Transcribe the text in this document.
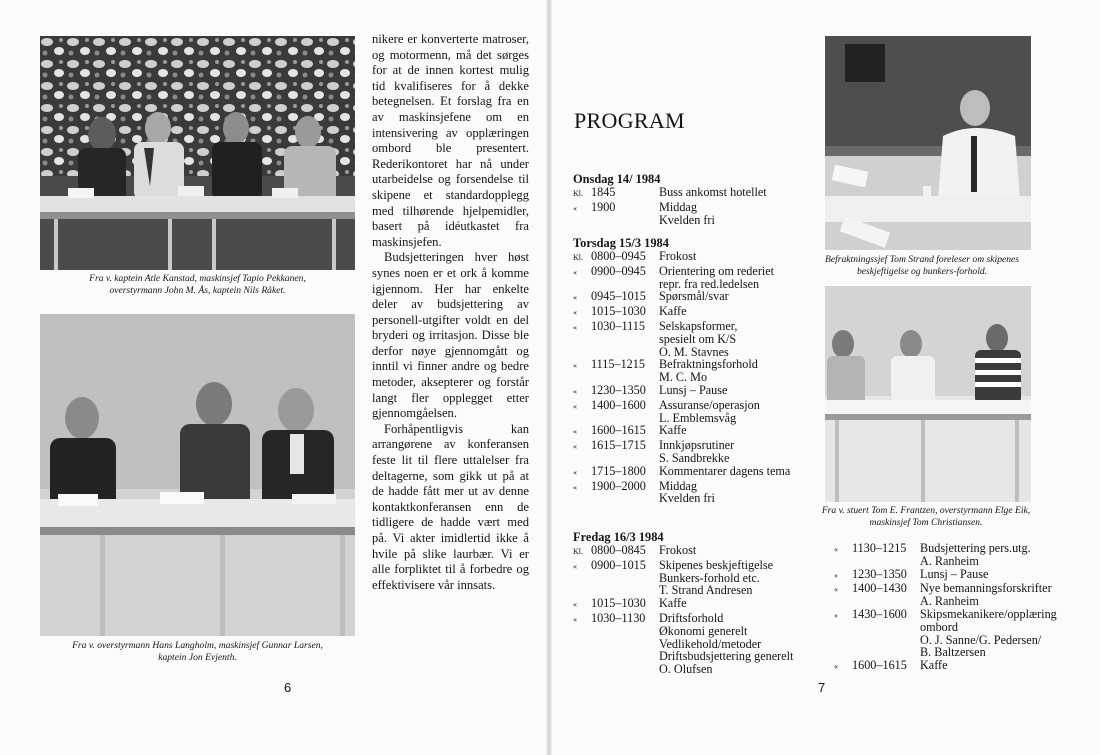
Fra v. kaptein Atle Kanstad, maskinsjef Tapio Pekkanen,
overstyrmann John M. Ås, kaptein Nils Råket.
Fra v. overstyrmann Hans Langholm, maskinsjef Gunnar Larsen,
kaptein Jon Evjenth.

nikere er konverterte matroser, og motormenn, må det sørges for at de innen kortest mulig tid kvalifiseres for å dekke betegnelsen. Et forslag fra en av maskinsjefene om en intensivering av opplæringen ombord ble presentert. Rederikontoret har nå under utarbeidelse og forsendelse til skipene et standardopplegg med tilhørende hjelpemidler, basert på idéutkastet fra maskinsjefen.

Budsjetteringen hver høst synes noen er et ork å komme igjennom. Her har enkelte deler av budsjettering av personell-utgifter voldt en del bryderi og irritasjon. Disse ble derfor nøye gjennomgått og inntil vi finner andre og bedre metoder, aksepterer og forstår langt fler opplegget etter gjennomgåelsen.

Forhåpentligvis kan arrangørene av konferansen feste lit til flere uttalelser fra deltagerne, som gikk ut på at de hadde fått mer ut av denne kontaktkonferansen enn de tidligere de hadde vært med på. Vi akter imidlertid ikke å hvile på slike laurbær. Vi er alle forpliktet til å forbedre og effektivisere vår innsats.

6
PROGRAM
Befraktningssjef Tom Strand foreleser om skipenes
beskjeftigelse og bunkers-forhold.
Fra v. stuert Tom E. Frantzen, overstyrmann Elge Eik,
maskinsjef Tom Christiansen.
Onsdag 14/ 1984
Kl. 1845	Buss ankomst hotellet
«	1900	Middag
Kvelden fri
Torsdag 15/3 1984
Kl. 0800–0945	Frokost
«	0900–0945	Orientering om rederiet
repr. fra red.ledelsen
«	0945–1015	Spørsmål/svar
«	1015–1030	Kaffe
«	1030–1115	Selskapsformer,
spesielt om K/S
O. M. Stavnes
«	1115–1215	Befraktningsforhold
M. C. Mo
«	1230–1350	Lunsj – Pause
«	1400–1600	Assuranse/operasjon
L. Emblemsvåg
«	1600–1615	Kaffe
«	1615–1715	Innkjøpsrutiner
S. Sandbrekke
«	1715–1800	Kommentarer dagens tema
«	1900–2000	Middag
Kvelden fri
Fredag 16/3 1984
Kl. 0800–0845	Frokost
«	0900–1015	Skipenes beskjeftigelse
Bunkers-forhold etc.
T. Strand Andresen
«	1015–1030	Kaffe
«	1030–1130	Driftsforhold
Økonomi generelt
Vedlikehold/metoder
Driftsbudsjettering generelt
O. Olufsen
«	1130–1215	Budsjettering pers.utg.
A. Ranheim
«	1230–1350	Lunsj – Pause
«	1400–1430	Nye bemanningsforskrifter
A. Ranheim
«	1430–1600	Skipsmekanikere/opplæring
ombord
O. J. Sanne/G. Pedersen/
B. Baltzersen
«	1600–1615	Kaffe
7
